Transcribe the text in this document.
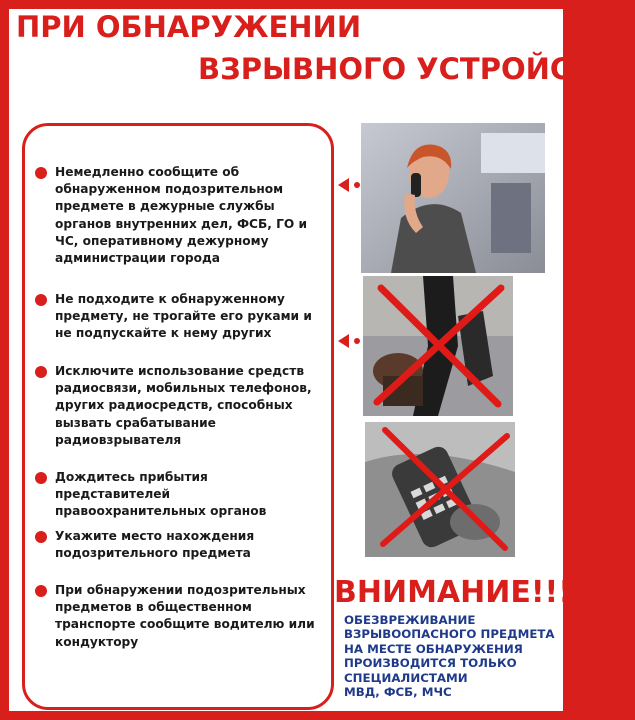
ПРИ ОБНАРУЖЕНИИ
ВЗРЫВНОГО УСТРОЙСТВА
Немедленно сообщите об обнаруженном подозрительном предмете в дежурные службы органов внутренних дел, ФСБ, ГО и ЧС, оперативному дежурному администрации города
Не подходите к обнаруженному предмету, не трогайте его руками и не подпускайте к нему других
Исключите использование средств радиосвязи, мобильных телефонов, других радиосредств, способных вызвать срабатывание радиовзрывателя
Дождитесь прибытия представителей правоохранительных органов
Укажите место нахождения подозрительного предмета
При обнаружении подозрительных предметов в общественном транспорте сообщите водителю или кондуктору
ВНИМАНИЕ!!!
ОБЕЗВРЕЖИВАНИЕ
ВЗРЫВООПАСНОГО ПРЕДМЕТА
НА МЕСТЕ ОБНАРУЖЕНИЯ
ПРОИЗВОДИТСЯ ТОЛЬКО
СПЕЦИАЛИСТАМИ
МВД, ФСБ, МЧС
